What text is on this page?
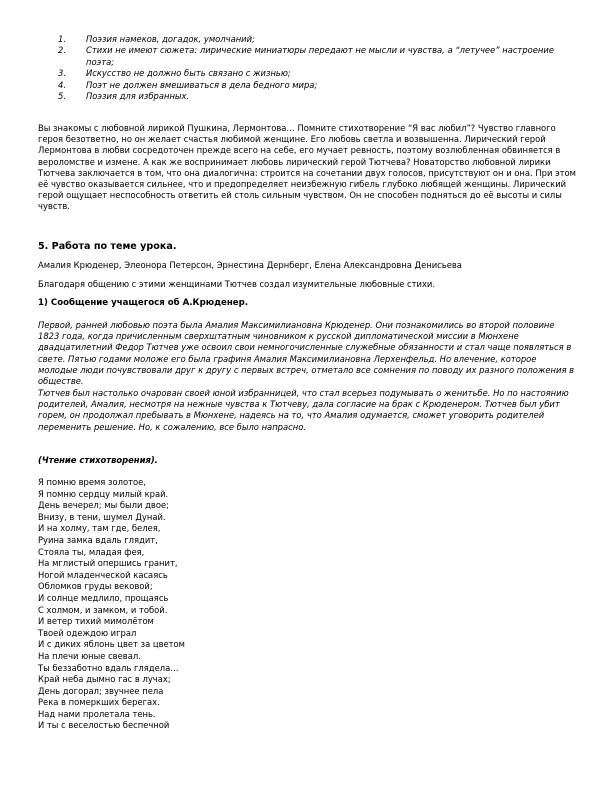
1.	Поэзия намеков, догадок, умолчаний;
2.	Стихи не имеют сюжета: лирические миниатюры передают не мысли и чувства, а “летучее” настроение поэта;
3.	Искусство не должно быть связано с жизнью;
4.	Поэт не должен вмешиваться в дела бедного мира;
5.	Поэзия для избранных.

Вы знакомы с любовной лирикой Пушкина, Лермонтова… Помните стихотворение “Я вас любил”? Чувство главного героя безответно, но он желает счастья любимой женщине. Его любовь светла и возвышенна. Лирический герой Лермонтова в любви сосредоточен прежде всего на себе, его мучает ревность, поэтому возлюбленная обвиняется в вероломстве и измене. А как же воспринимает любовь лирический герой Тютчева? Новаторство любовной лирики Тютчева заключается в том, что она диалогична: строится на сочетании двух голосов, присутствуют он и она. При этом её чувство оказывается сильнее, что и предопределяет неизбежную гибель глубоко любящей женщины. Лирический герой ощущает неспособность ответить ей столь сильным чувством. Он не способен подняться до её высоты и силы чувств.

5. Работа по теме урока.

Амалия Крюденер, Элеонора Петерсон, Эрнестина Дернберг, Елена Александровна Денисьева

Благодаря общению с этими женщинами Тютчев создал изумительные любовные стихи.

1) Сообщение учащегося об А.Крюденер.

Первой, ранней любовью поэта была Амалия Максимилиановна Крюденер. Они познакомились во второй половине 1823 года, когда причисленным сверхштатным чиновником к русской дипломатической миссии в Мюнхене двадцатилетний Федор Тютчев уже освоил свои немногочисленные служебные обязанности и стал чаще появляться в свете. Пятью годами моложе его была графиня Амалия Максимилиановна Лерхенфельд. Но влечение, которое молодые люди почувствовали друг к другу с первых встреч, отметало все сомнения по поводу их разного положения в обществе.

Тютчев был настолько очарован своей юной избранницей, что стал всерьез подумывать о женитьбе. Но по настоянию родителей, Амалия, несмотря на нежные чувства к Тютчеву, дала согласие на брак с Крюденером. Тютчев был убит горем, он продолжал пребывать в Мюнхене, надеясь на то, что Амалия одумается, сможет уговорить родителей переменить решение. Но, к сожалению, все было напрасно.

(Чтение стихотворения).

Я помню время золотое,
Я помню сердцу милый край.
День вечерел; мы были двое;
Внизу, в тени, шумел Дунай.
И на холму, там где, белея,
Руина замка вдаль глядит,
Стояла ты, младая фея,
На мглистый опершись гранит,
Ногой младенческой касаясь
Обломков груды вековой;
И солнце медлило, прощаясь
С холмом, и замком, и тобой.
И ветер тихий мимолётом
Твоей одеждою играл
И с диких яблонь цвет за цветом
На плечи юные свевал.
Ты беззаботно вдаль глядела…
Край неба дымно гас в лучах;
День догорал; звучнее пела
Река в померкших берегах.
Над нами пролетала тень.
И ты с веселостью беспечной
